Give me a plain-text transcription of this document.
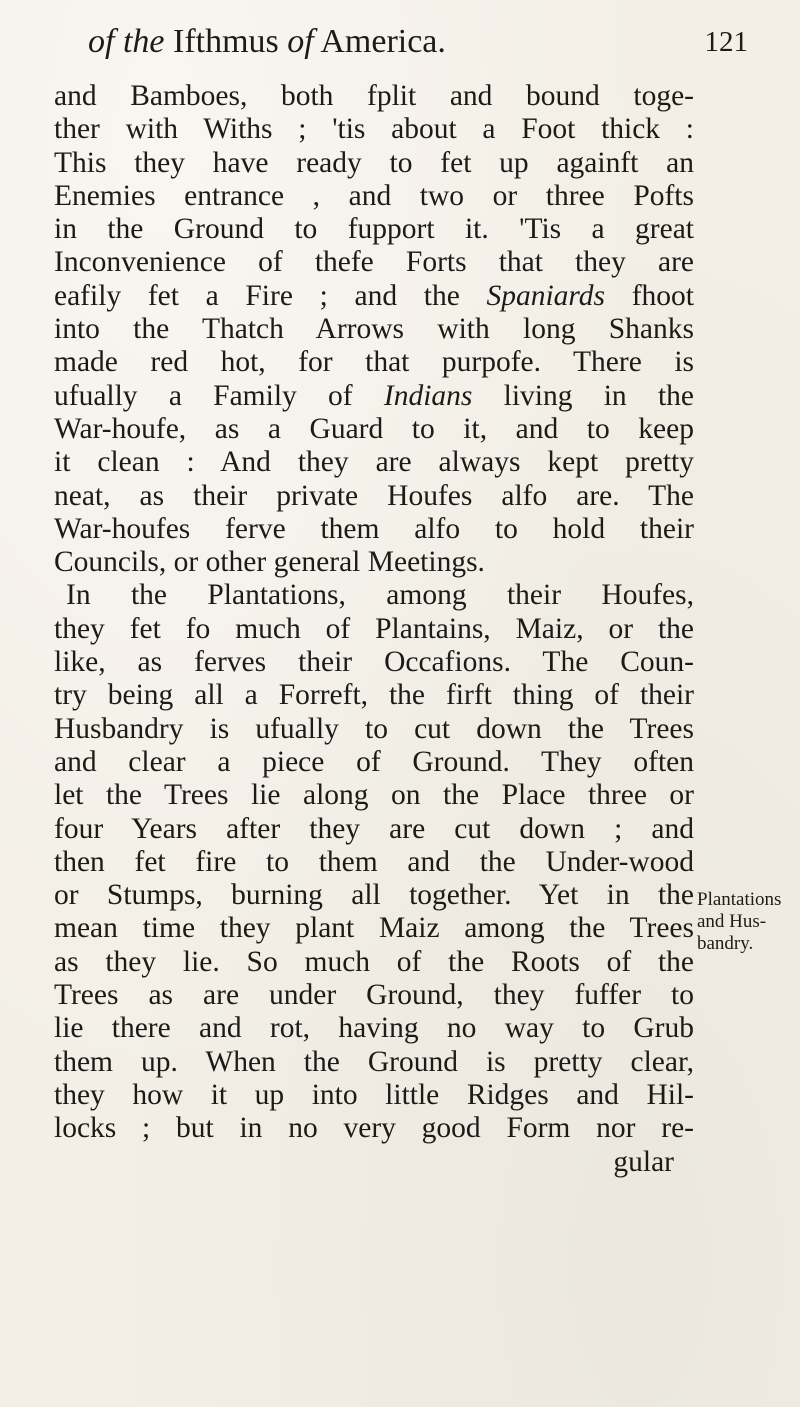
of the Ifthmus of America.	121
and Bamboes, both fplit and bound toge-
ther with Withs ; 'tis about a Foot thick :
This they have ready to fet up againft an
Enemies entrance , and two or three Pofts
in the Ground to fupport it. 'Tis a great
Inconvenience of thefe Forts that they are
eafily fet a Fire ; and the Spaniards fhoot
into the Thatch Arrows with long Shanks
made red hot, for that purpofe. There is
ufually a Family of Indians living in the
War-houfe, as a Guard to it, and to keep
it clean : And they are always kept pretty
neat, as their private Houfes alfo are. The
War-houfes ferve them alfo to hold their
Councils, or other general Meetings.
In the Plantations, among their Houfes,
they fet fo much of Plantains, Maiz, or the
like, as ferves their Occafions. The Coun-
try being all a Forreft, the firft thing of their
Husbandry is ufually to cut down the Trees
and clear a piece of Ground. They often
let the Trees lie along on the Place three or
four Years after they are cut down ; and
then fet fire to them and the Under-wood
or Stumps, burning all together. Yet in the
mean time they plant Maiz among the Trees
as they lie. So much of the Roots of the
Trees as are under Ground, they fuffer to
lie there and rot, having no way to Grub
them up. When the Ground is pretty clear,
they how it up into little Ridges and Hil-
locks ; but in no very good Form nor re-
gular
Plantations
and Hus-
bandry.
